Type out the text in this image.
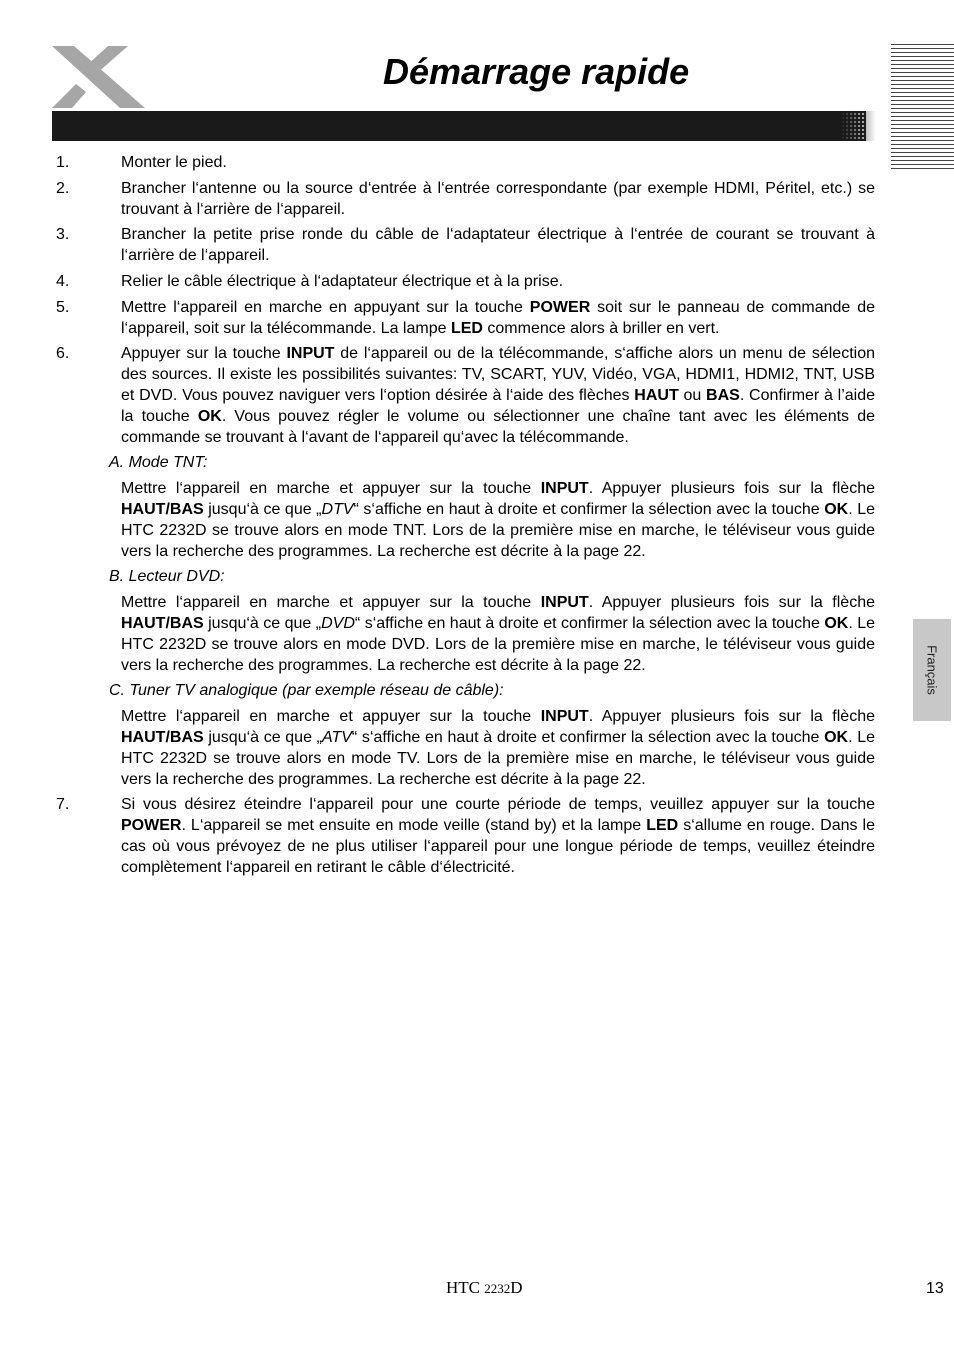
Démarrage rapide
Français
1.	Monter le pied.
2.	Brancher l‘antenne ou la source d‘entrée à l‘entrée correspondante (par exemple HDMI, Péritel, etc.) se trouvant à l‘arrière de l‘appareil.
3.	Brancher la petite prise ronde du câble de l‘adaptateur électrique à l‘entrée de courant se trouvant à l‘arrière de l‘appareil.
4.	Relier le câble électrique à l‘adaptateur électrique et à la prise.
5.	Mettre l‘appareil en marche en appuyant sur la touche POWER soit sur le panneau de commande de l‘appareil, soit sur la télécommande. La lampe LED commence alors à briller en vert.
6.	Appuyer sur la touche INPUT de l‘appareil ou de la télécommande, s‘affiche alors un menu de sélection des sources. Il existe les possibilités suivantes: TV, SCART, YUV, Vidéo, VGA, HDMI1, HDMI2, TNT, USB et DVD. Vous pouvez naviguer vers l‘option désirée à l‘aide des flèches HAUT ou BAS. Confirmer à l’aide la touche OK. Vous pouvez régler le volume ou sélectionner une chaîne tant avec les éléments de commande se trouvant à l‘avant de l‘appareil qu‘avec la télécommande.
A. Mode TNT:
Mettre l‘appareil en marche et appuyer sur la touche INPUT. Appuyer plusieurs fois sur la flèche HAUT/BAS jusqu‘à ce que „DTV“ s‘affiche en haut à droite et confirmer la sélection avec la touche OK. Le HTC 2232D se trouve alors en mode TNT. Lors de la première mise en marche, le téléviseur vous guide vers la recherche des programmes. La recherche est décrite à la page 22.
B. Lecteur DVD:
Mettre l‘appareil en marche et appuyer sur la touche INPUT. Appuyer plusieurs fois sur la flèche HAUT/BAS jusqu‘à ce que „DVD“ s‘affiche en haut à droite et confirmer la sélection avec la touche OK. Le HTC 2232D se trouve alors en mode DVD. Lors de la première mise en marche, le téléviseur vous guide vers la recherche des programmes. La recherche est décrite à la page 22.
C. Tuner TV analogique (par exemple réseau de câble):
Mettre l‘appareil en marche et appuyer sur la touche INPUT. Appuyer plusieurs fois sur la flèche HAUT/BAS jusqu‘à ce que „ATV“ s‘affiche en haut à droite et confirmer la sélection avec la touche OK. Le HTC 2232D se trouve alors en mode TV. Lors de la première mise en marche, le téléviseur vous guide vers la recherche des programmes. La recherche est décrite à la page 22.
7.	Si vous désirez éteindre l‘appareil pour une courte période de temps, veuillez appuyer sur la touche POWER. L‘appareil se met ensuite en mode veille (stand by) et la lampe LED s‘allume en rouge. Dans le cas où vous prévoyez de ne plus utiliser l‘appareil pour une longue période de temps, veuillez éteindre complètement l‘appareil en retirant le câble d‘électricité.
HTC 2232D	13
